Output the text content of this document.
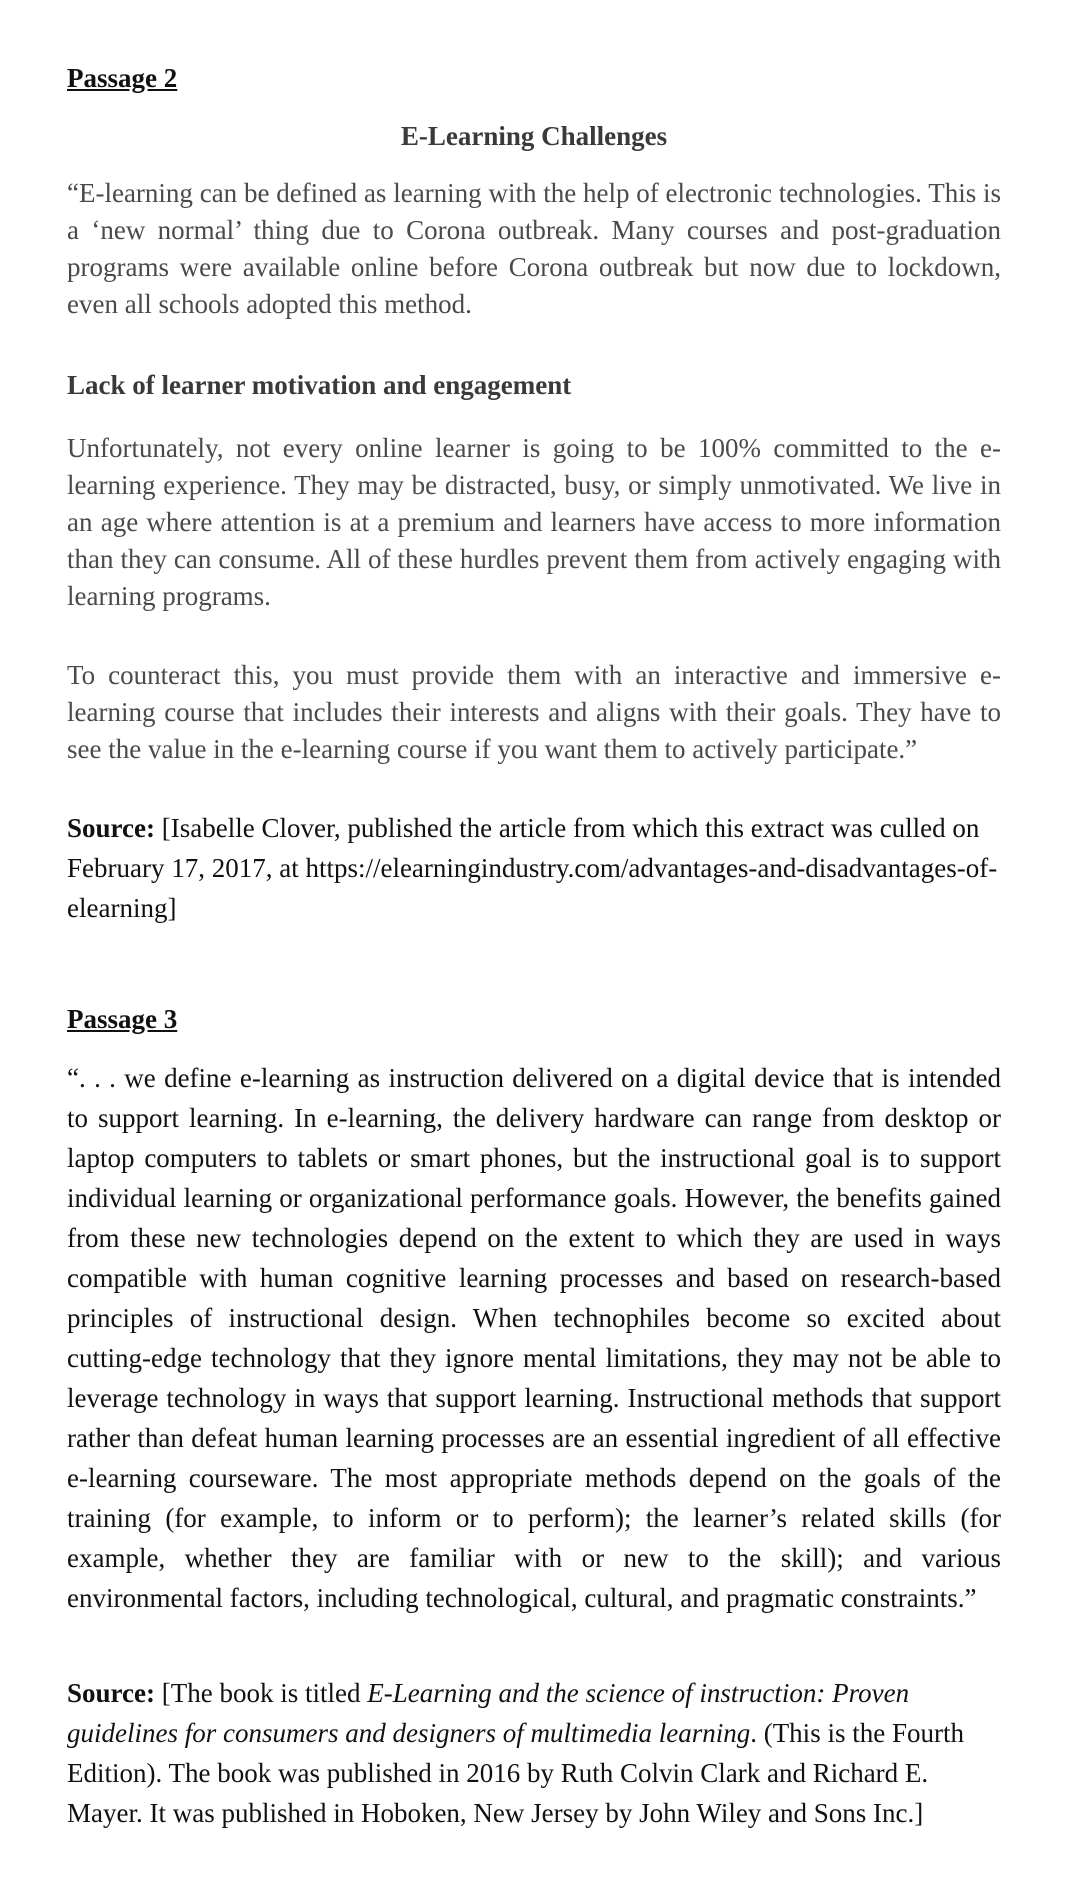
Passage 2
E-Learning Challenges

“E-learning can be defined as learning with the help of electronic technologies. This is a ‘new normal’ thing due to Corona outbreak. Many courses and post-graduation programs were available online before Corona outbreak but now due to lockdown, even all schools adopted this method.

Lack of learner motivation and engagement

Unfortunately, not every online learner is going to be 100% committed to the e-learning experience. They may be distracted, busy, or simply unmotivated. We live in an age where attention is at a premium and learners have access to more information than they can consume. All of these hurdles prevent them from actively engaging with learning programs.

To counteract this, you must provide them with an interactive and immersive e-learning course that includes their interests and aligns with their goals. They have to see the value in the e-learning course if you want them to actively participate.”

Source: [Isabelle Clover, published the article from which this extract was culled on February 17, 2017, at https://elearningindustry.com/advantages-and-disadvantages-of-elearning]

Passage 3

“. . . we define e-learning as instruction delivered on a digital device that is intended to support learning. In e-learning, the delivery hardware can range from desktop or laptop computers to tablets or smart phones, but the instructional goal is to support individual learning or organizational performance goals. However, the benefits gained from these new technologies depend on the extent to which they are used in ways compatible with human cognitive learning processes and based on research-based principles of instructional design. When technophiles become so excited about cutting-edge technology that they ignore mental limitations, they may not be able to leverage technology in ways that support learning. Instructional methods that support rather than defeat human learning processes are an essential ingredient of all effective e-learning courseware. The most appropriate methods depend on the goals of the training (for example, to inform or to perform); the learner’s related skills (for example, whether they are familiar with or new to the skill); and various environmental factors, including technological, cultural, and pragmatic constraints.”

Source: [The book is titled E-Learning and the science of instruction: Proven guidelines for consumers and designers of multimedia learning. (This is the Fourth Edition). The book was published in 2016 by Ruth Colvin Clark and Richard E. Mayer. It was published in Hoboken, New Jersey by John Wiley and Sons Inc.]
